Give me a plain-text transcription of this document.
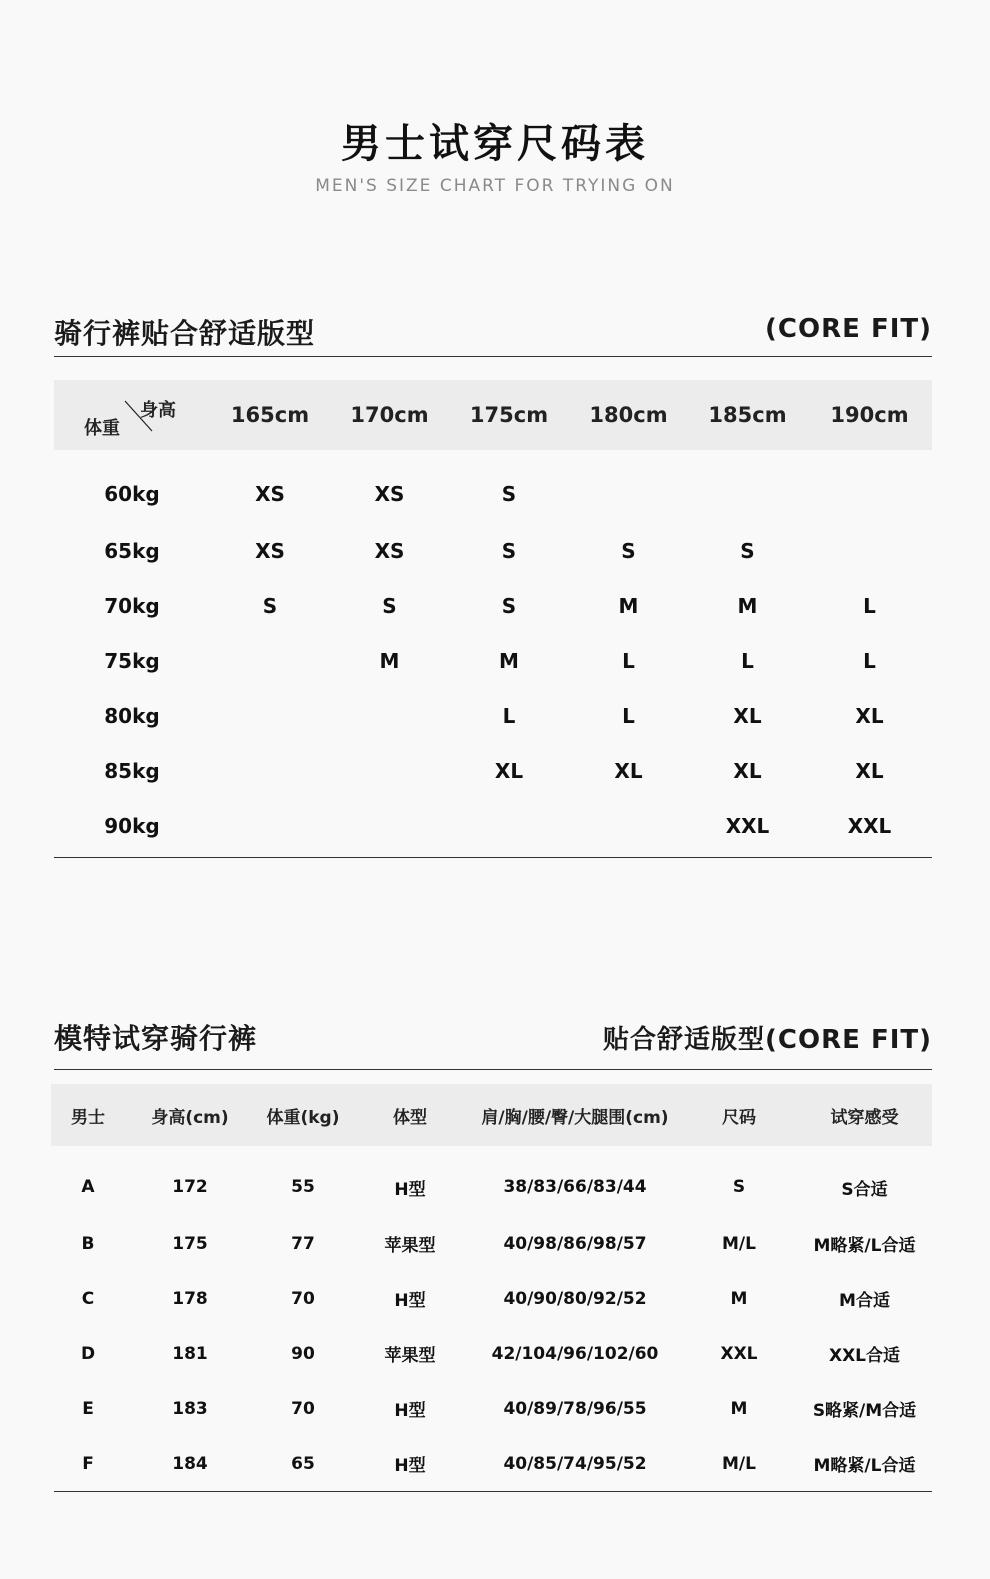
男士试穿尺码表
MEN'S SIZE CHART FOR TRYING ON
骑行裤贴合舒适版型	(CORE FIT)
身高
体重	165cm	170cm	175cm	180cm	185cm	190cm
60kg	XS	XS	S			
65kg	XS	XS	S	S	S	
70kg	S	S	S	M	M	L
75kg		M	M	L	L	L
80kg			L	L	XL	XL
85kg			XL	XL	XL	XL
90kg					XXL	XXL
模特试穿骑行裤	贴合舒适版型(CORE FIT)
男士	身高(cm)	体重(kg)	体型	肩/胸/腰/臀/大腿围(cm)	尺码	试穿感受
A	172	55	H型	38/83/66/83/44	S	S合适
B	175	77	苹果型	40/98/86/98/57	M/L	M略紧/L合适
C	178	70	H型	40/90/80/92/52	M	M合适
D	181	90	苹果型	42/104/96/102/60	XXL	XXL合适
E	183	70	H型	40/89/78/96/55	M	S略紧/M合适
F	184	65	H型	40/85/74/95/52	M/L	M略紧/L合适
